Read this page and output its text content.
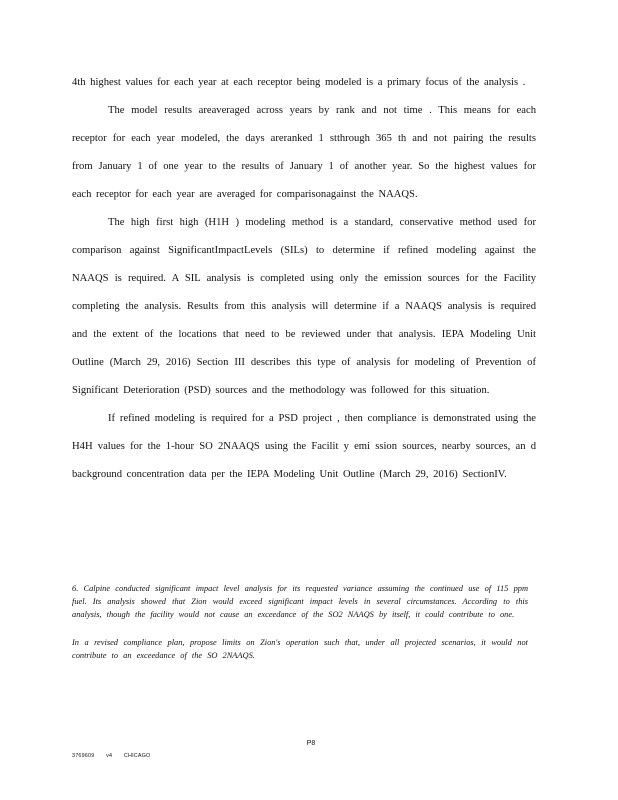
4th highest values for each year at each receptor being modeled is a primary focus of the analysis .

The model results areaveraged across years by rank and not time . This means for each receptor for each year modeled, the days areranked 1 stthrough 365 th and not pairing the results from January 1 of one year to the results of January 1 of another year. So the highest values for each receptor for each year are averaged for comparisonagainst the NAAQS.

The high first high (H1H ) modeling method is a standard, conservative method used for comparison against SignificantImpactLevels (SILs) to determine if refined modeling against the NAAQS is required. A SIL analysis is completed using only the emission sources for the Facility completing the analysis. Results from this analysis will determine if a NAAQS analysis is required and the extent of the locations that need to be reviewed under that analysis. IEPA Modeling Unit Outline (March 29, 2016) Section III describes this type of analysis for modeling of Prevention of Significant Deterioration (PSD) sources and the methodology was followed for this situation.

If refined modeling is required for a PSD project , then compliance is demonstrated using the H4H values for the 1-hour SO 2NAAQS using the Facilit y emi ssion sources, nearby sources, an d background concentration data per the IEPA Modeling Unit Outline (March 29, 2016) SectionIV.

6. Calpine conducted significant impact level analysis for its requested variance assuming the continued use of 115 ppm fuel. Its analysis showed that Zion would exceed significant impact levels in several circumstances. According to this analysis, though the facility would not cause an exceedance of the SO2 NAAQS by itself, it could contribute to one.

In a revised compliance plan, propose limits on Zion's operation such that, under all projected scenarios, it would not contribute to an exceedance of the SO 2NAAQS.

P8
3769609 v4 CHICAGO
